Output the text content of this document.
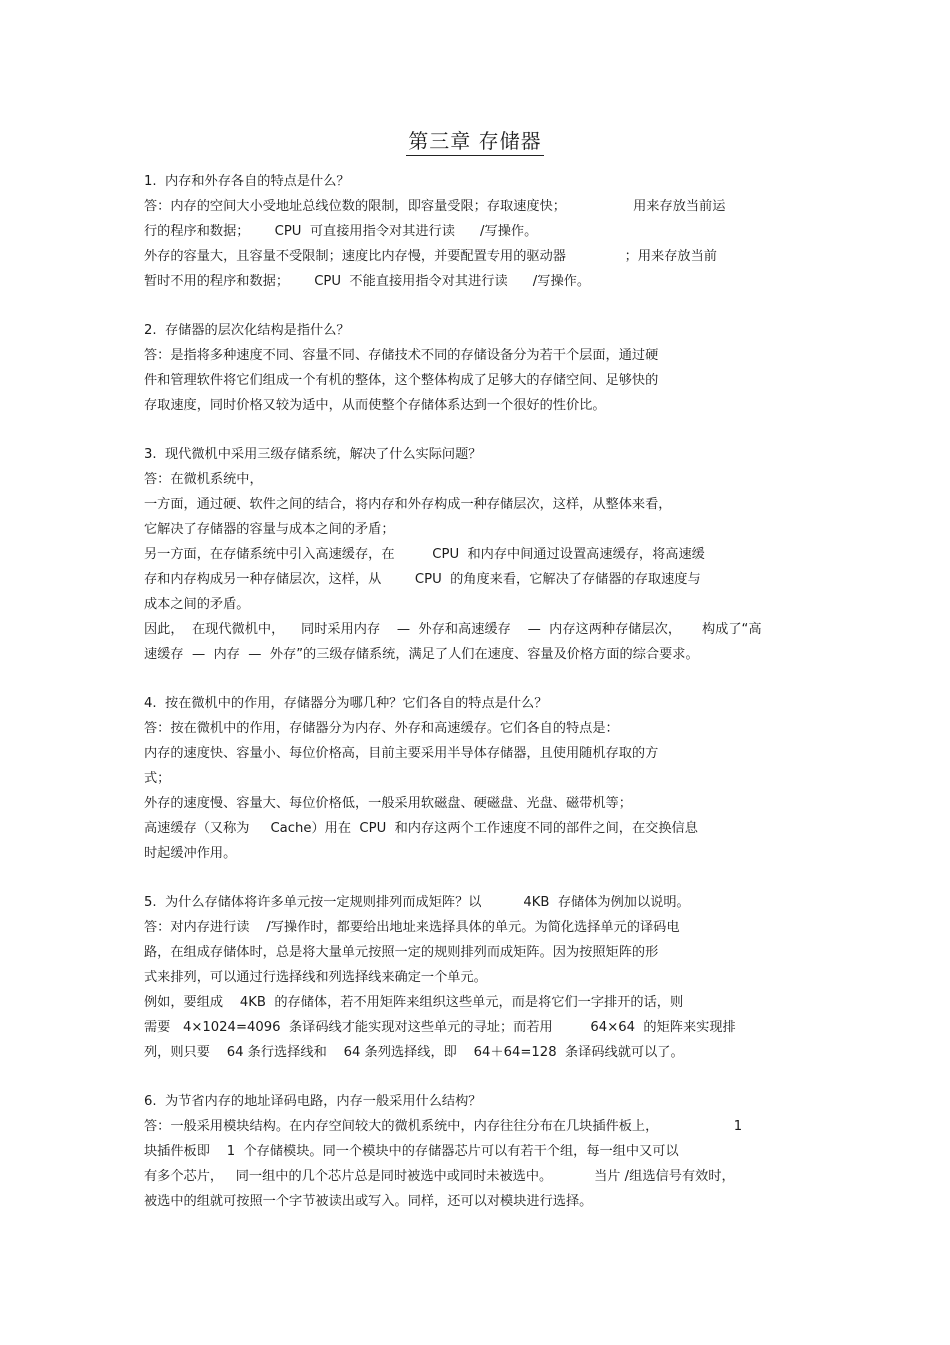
第三章 存储器
1.  内存和外存各自的特点是什么？
答：内存的空间大小受地址总线位数的限制，即容量受限；存取速度快；                用来存放当前运
行的程序和数据；      CPU  可直接用指令对其进行读      /写操作。
外存的容量大，且容量不受限制；速度比内存慢，并要配置专用的驱动器              ；用来存放当前
暂时不用的程序和数据；      CPU  不能直接用指令对其进行读      /写操作。
2.  存储器的层次化结构是指什么？
答：是指将多种速度不同、容量不同、存储技术不同的存储设备分为若干个层面，通过硬
件和管理软件将它们组成一个有机的整体，这个整体构成了足够大的存储空间、足够快的
存取速度，同时价格又较为适中，从而使整个存储体系达到一个很好的性价比。
3.  现代微机中采用三级存储系统，解决了什么实际问题？
答：在微机系统中，
一方面，通过硬、软件之间的结合，将内存和外存构成一种存储层次，这样，从整体来看，
它解决了存储器的容量与成本之间的矛盾；
另一方面，在存储系统中引入高速缓存，在         CPU  和内存中间通过设置高速缓存，将高速缓
存和内存构成另一种存储层次，这样，从        CPU  的角度来看，它解决了存储器的存取速度与
成本之间的矛盾。
因此，  在现代微机中，    同时采用内存    —  外存和高速缓存    —  内存这两种存储层次，     构成了“高
速缓存  —  内存  —  外存”的三级存储系统，满足了人们在速度、容量及价格方面的综合要求。
4.  按在微机中的作用，存储器分为哪几种？它们各自的特点是什么？
答：按在微机中的作用，存储器分为内存、外存和高速缓存。它们各自的特点是：
内存的速度快、容量小、每位价格高，目前主要采用半导体存储器，且使用随机存取的方
式；
外存的速度慢、容量大、每位价格低，一般采用软磁盘、硬磁盘、光盘、磁带机等；
高速缓存（又称为     Cache）用在  CPU  和内存这两个工作速度不同的部件之间，在交换信息
时起缓冲作用。
5.  为什么存储体将许多单元按一定规则排列而成矩阵？以          4KB  存储体为例加以说明。
答：对内存进行读    /写操作时，都要给出地址来选择具体的单元。为简化选择单元的译码电
路，在组成存储体时，总是将大量单元按照一定的规则排列而成矩阵。因为按照矩阵的形
式来排列，可以通过行选择线和列选择线来确定一个单元。
例如，要组成    4KB  的存储体，若不用矩阵来组织这些单元，而是将它们一字排开的话，则
需要   4×1024=4096  条译码线才能实现对这些单元的寻址；而若用         64×64  的矩阵来实现排
列，则只要    64 条行选择线和    64 条列选择线，即    64＋64=128  条译码线就可以了。
6.  为节省内存的地址译码电路，内存一般采用什么结构？
答：一般采用模块结构。在内存空间较大的微机系统中，内存往往分布在几块插件板上，                  1
块插件板即    1  个存储模块。同一个模块中的存储器芯片可以有若干个组，每一组中又可以
有多个芯片，   同一组中的几个芯片总是同时被选中或同时未被选中。          当片 /组选信号有效时，
被选中的组就可按照一个字节被读出或写入。同样，还可以对模块进行选择。
